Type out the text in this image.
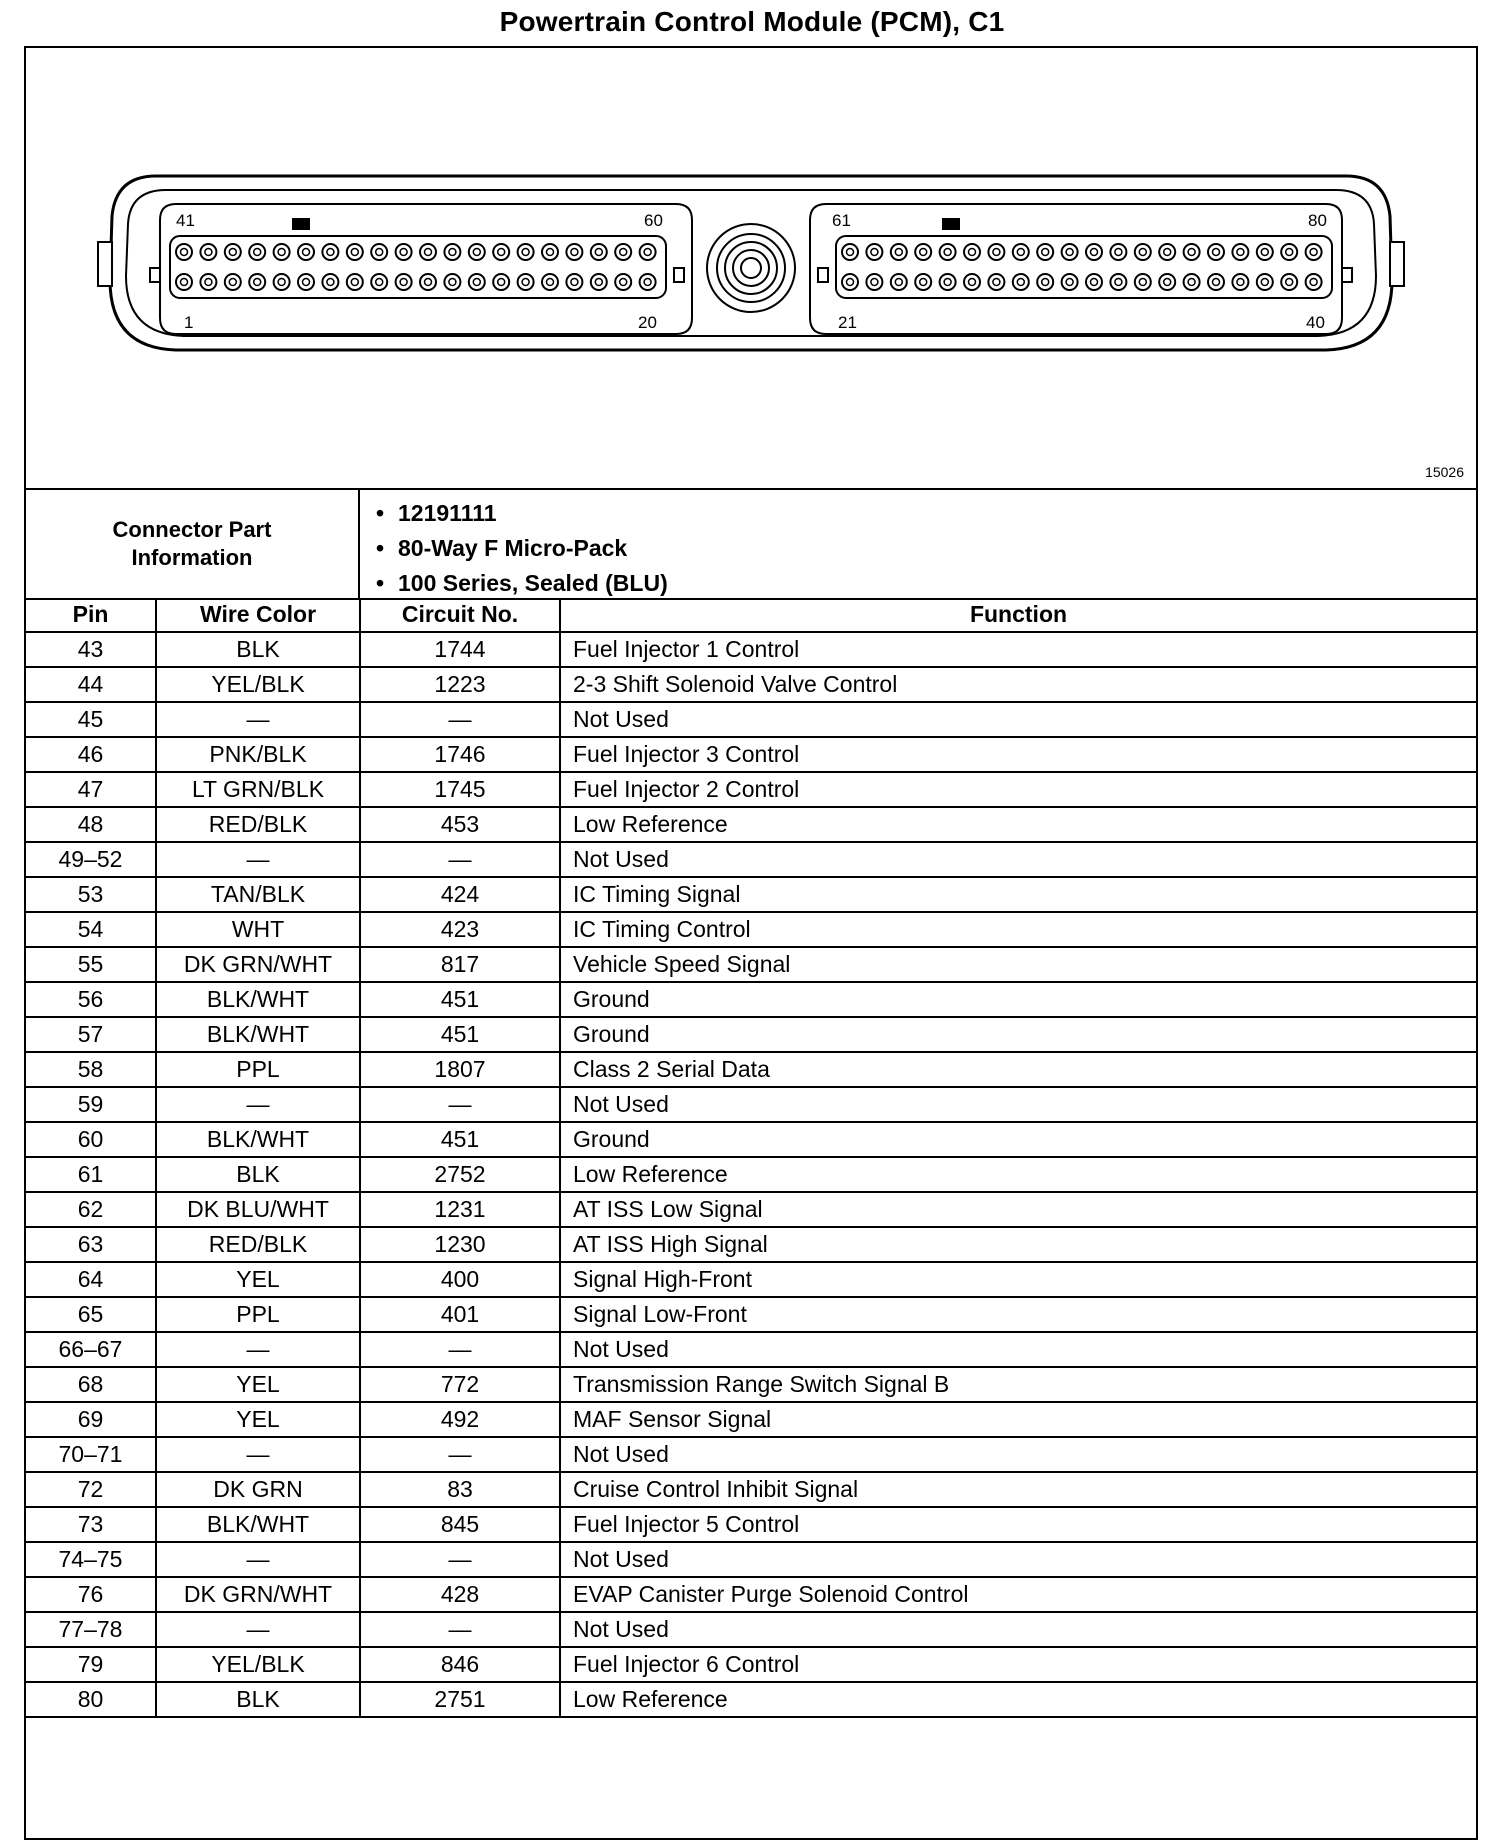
Powertrain Control Module (PCM), C1
41	60
1	20
61	80
21	40
15026
Connector Part Information
• 12191111
• 80-Way F Micro-Pack
• 100 Series, Sealed (BLU)
Pin	Wire Color	Circuit No.	Function
43	BLK	1744	Fuel Injector 1 Control
44	YEL/BLK	1223	2-3 Shift Solenoid Valve Control
45	—	—	Not Used
46	PNK/BLK	1746	Fuel Injector 3 Control
47	LT GRN/BLK	1745	Fuel Injector 2 Control
48	RED/BLK	453	Low Reference
49–52	—	—	Not Used
53	TAN/BLK	424	IC Timing Signal
54	WHT	423	IC Timing Control
55	DK GRN/WHT	817	Vehicle Speed Signal
56	BLK/WHT	451	Ground
57	BLK/WHT	451	Ground
58	PPL	1807	Class 2 Serial Data
59	—	—	Not Used
60	BLK/WHT	451	Ground
61	BLK	2752	Low Reference
62	DK BLU/WHT	1231	AT ISS Low Signal
63	RED/BLK	1230	AT ISS High Signal
64	YEL	400	Signal High-Front
65	PPL	401	Signal Low-Front
66–67	—	—	Not Used
68	YEL	772	Transmission Range Switch Signal B
69	YEL	492	MAF Sensor Signal
70–71	—	—	Not Used
72	DK GRN	83	Cruise Control Inhibit Signal
73	BLK/WHT	845	Fuel Injector 5 Control
74–75	—	—	Not Used
76	DK GRN/WHT	428	EVAP Canister Purge Solenoid Control
77–78	—	—	Not Used
79	YEL/BLK	846	Fuel Injector 6 Control
80	BLK	2751	Low Reference
